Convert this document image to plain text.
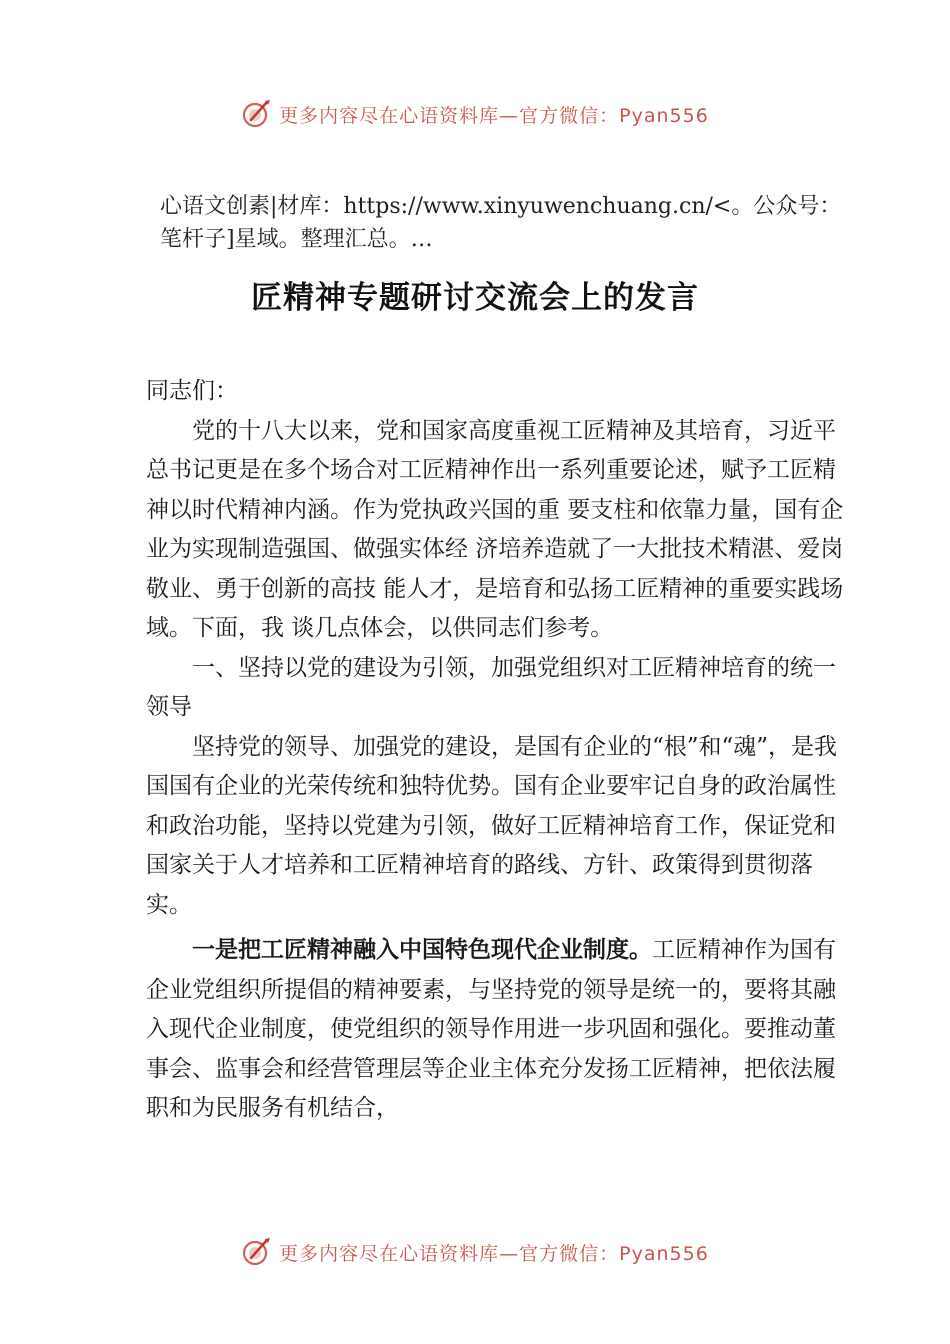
更多内容尽在心语资料库—官方微信：Pyan556
心语文创素|材库：https://www.xinyuwenchuang.cn/<。公众号：笔杆子]星域。整理汇总。…
匠精神专题研讨交流会上的发言

同志们：

党的十八大以来，党和国家高度重视工匠精神及其培育，习近平总书记更是在多个场合对工匠精神作出一系列重要论述，赋予工匠精神以时代精神内涵。作为党执政兴国的重 要支柱和依靠力量，国有企业为实现制造强国、做强实体经 济培养造就了一大批技术精湛、爱岗敬业、勇于创新的高技 能人才，是培育和弘扬工匠精神的重要实践场域。下面，我 谈几点体会，以供同志们参考。

一、坚持以党的建设为引领，加强党组织对工匠精神培育的统一领导

坚持党的领导、加强党的建设，是国有企业的“根”和“魂”，是我国国有企业的光荣传统和独特优势。国有企业要牢记自身的政治属性和政治功能，坚持以党建为引领，做好工匠精神培育工作，保证党和国家关于人才培养和工匠精神培育的路线、方针、政策得到贯彻落实。

一是把工匠精神融入中国特色现代企业制度。工匠精神作为国有企业党组织所提倡的精神要素，与坚持党的领导是统一的，要将其融入现代企业制度，使党组织的领导作用进一步巩固和强化。要推动董事会、监事会和经营管理层等企业主体充分发扬工匠精神，把依法履职和为民服务有机结合，

更多内容尽在心语资料库—官方微信：Pyan556
